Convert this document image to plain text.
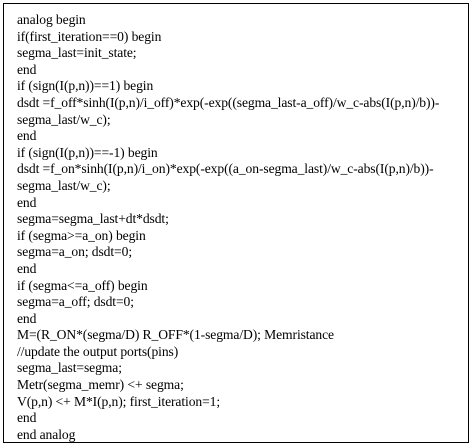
analog begin
if(first_iteration==0) begin
segma_last=init_state;
end
if (sign(I(p,n))==1) begin
dsdt =f_off*sinh(I(p,n)/i_off)*exp(-exp((segma_last-a_off)/w_c-abs(I(p,n)/b))-
segma_last/w_c);
end
if (sign(I(p,n))==-1) begin
dsdt =f_on*sinh(I(p,n)/i_on)*exp(-exp((a_on-segma_last)/w_c-abs(I(p,n)/b))-
segma_last/w_c);
end
segma=segma_last+dt*dsdt;
if (segma>=a_on) begin
segma=a_on; dsdt=0;
end
if (segma<=a_off) begin
segma=a_off; dsdt=0;
end
M=(R_ON*(segma/D) R_OFF*(1-segma/D); Memristance
//update the output ports(pins)
segma_last=segma;
Metr(segma_memr) <+ segma;
V(p,n) <+ M*I(p,n); first_iteration=1;
end
end analog
